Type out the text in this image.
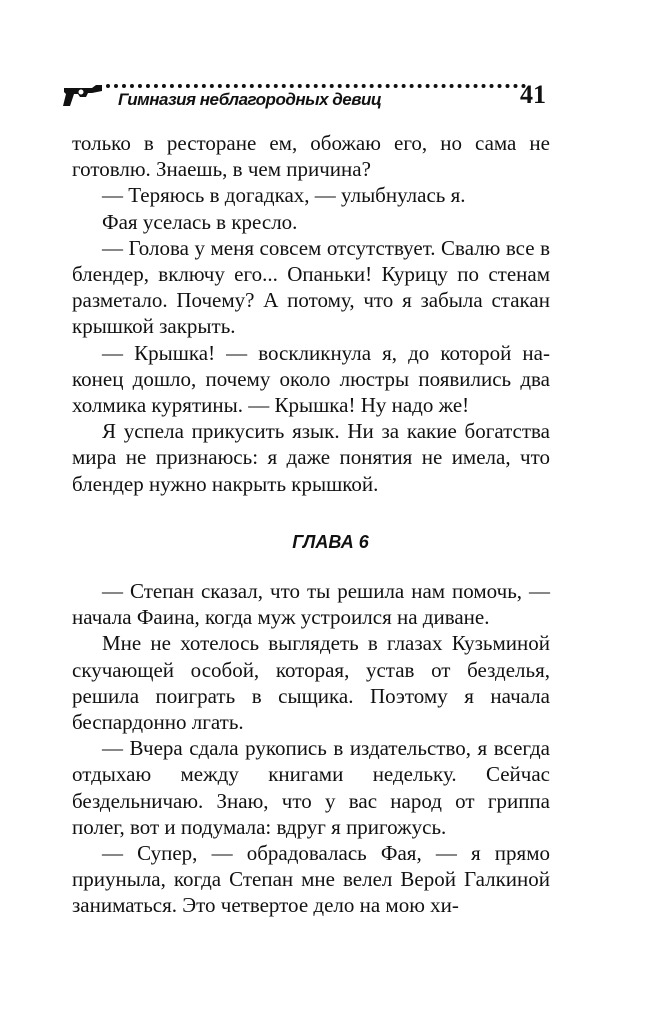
Гимназия неблагородных девиц	41

только в ресторане ем, обожаю его, но сама не готовлю. Знаешь, в чем причина?

— Теряюсь в догадках, — улыбнулась я.

Фая уселась в кресло.

— Голова у меня совсем отсутствует. Свалю все в блендер, включу его... Опаньки! Курицу по стенам разметало. Почему? А потому, что я забыла стакан крышкой закрыть.

— Крышка! — воскликнула я, до которой наконец дошло, почему около люстры появились два холмика курятины. — Крышка! Ну надо же!

Я успела прикусить язык. Ни за какие богатства мира не признаюсь: я даже понятия не имела, что блендер нужно накрыть крышкой.

ГЛАВА 6

— Степан сказал, что ты решила нам помочь, — начала Фаина, когда муж устроился на диване.

Мне не хотелось выглядеть в глазах Кузьминой скучающей особой, которая, устав от безделья, решила поиграть в сыщика. Поэтому я начала беспардонно лгать.

— Вчера сдала рукопись в издательство, я всегда отдыхаю между книгами недельку. Сейчас бездельничаю. Знаю, что у вас народ от гриппа полег, вот и подумала: вдруг я пригожусь.

— Супер, — обрадовалась Фая, — я прямо приуныла, когда Степан мне велел Верой Галкиной заниматься. Это четвертое дело на мою хи-
